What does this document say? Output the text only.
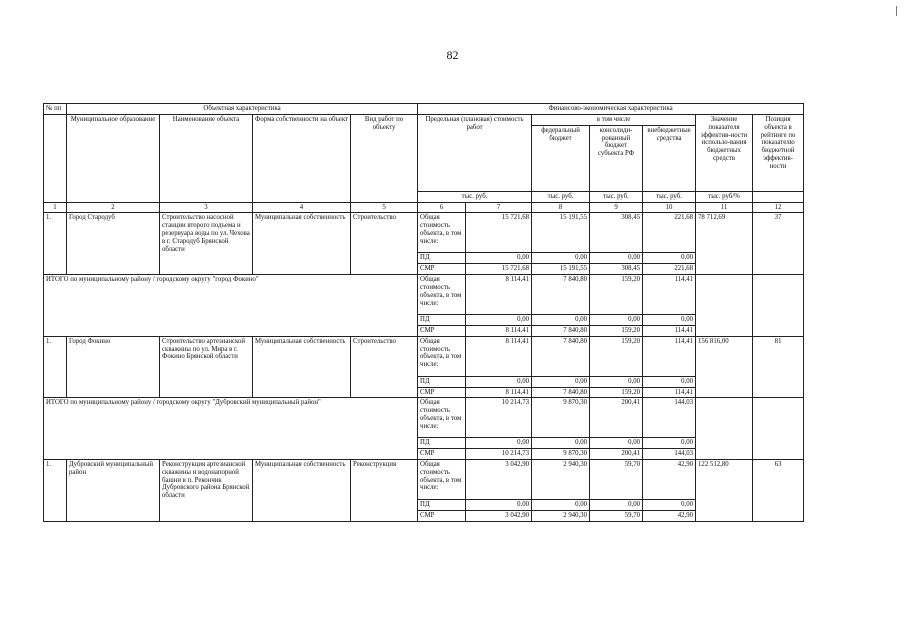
82
№ пп	Объектная характеристика				Финансово-экономическая характеристика						
	Муниципальное образование	Наименование объекта	Форма собственности на объект	Вид работ по объекту	Предельная (плановая) стоимость работ		в том числе			Значение показателя эффектив-ности использо-вания бюджетных средств	Позиция объекта в рейтинге по показателю бюджетной эффектив-ности
							федеральный бюджет	консолиди-рованный бюджет субъекта РФ	внебюджетные средства		
					тыс. руб.		тыс. руб.	тыс. руб.	тыс. руб.	тыс. руб/%	
1	2	3	4	5	6	7	8	9	10	11	12
1.	Город Стародуб	Строительство насосной станции второго подъема и резервуара воды по ул. Чехова в г. Стародуб Брянской области	Муниципальная собственность	Строительство	Общая стоимость объекта, в том числе:	15 721,68	15 191,55	308,45	221,68	78 712,69	37
					ПД	0,00	0,00	0,00	0,00		
					СМР	15 721,68	15 191,55	308,45	221,68		
ИТОГО по муниципальному району / городскому округу "город Фокино"					Общая стоимость объекта, в том числе:	8 114,41	7 840,80	159,20	114,41		
					ПД	0,00	0,00	0,00	0,00		
					СМР	8 114,41	7 840,80	159,20	114,41		
1.	Город Фокино	Строительство артезианской скважины по ул. Мира в г. Фокино Брянской области	Муниципальная собственность	Строительство	Общая стоимость объекта, в том числе:	8 114,41	7 840,80	159,20	114,41	156 816,00	81
					ПД	0,00	0,00	0,00	0,00		
					СМР	8 114,41	7 840,80	159,20	114,41		
ИТОГО по муниципальному району / городскому округу "Дубровский муниципальный район"					Общая стоимость объекта, в том числе:	10 214,73	9 870,30	200,41	144,03		
					ПД	0,00	0,00	0,00	0,00		
					СМР	10 214,73	9 870,30	200,41	144,03		
1.	Дубровский муниципальный район	Реконструкция артезианской скважины и водонапорной башни в п. Рекончик Дубровского района Брянской области	Муниципальная собственность	Реконструкция	Общая стоимость объекта, в том числе:	3 042,90	2 940,30	59,70	42,90	122 512,80	63
					ПД	0,00	0,00	0,00	0,00		
					СМР	3 042,90	2 940,30	59,70	42,90		
